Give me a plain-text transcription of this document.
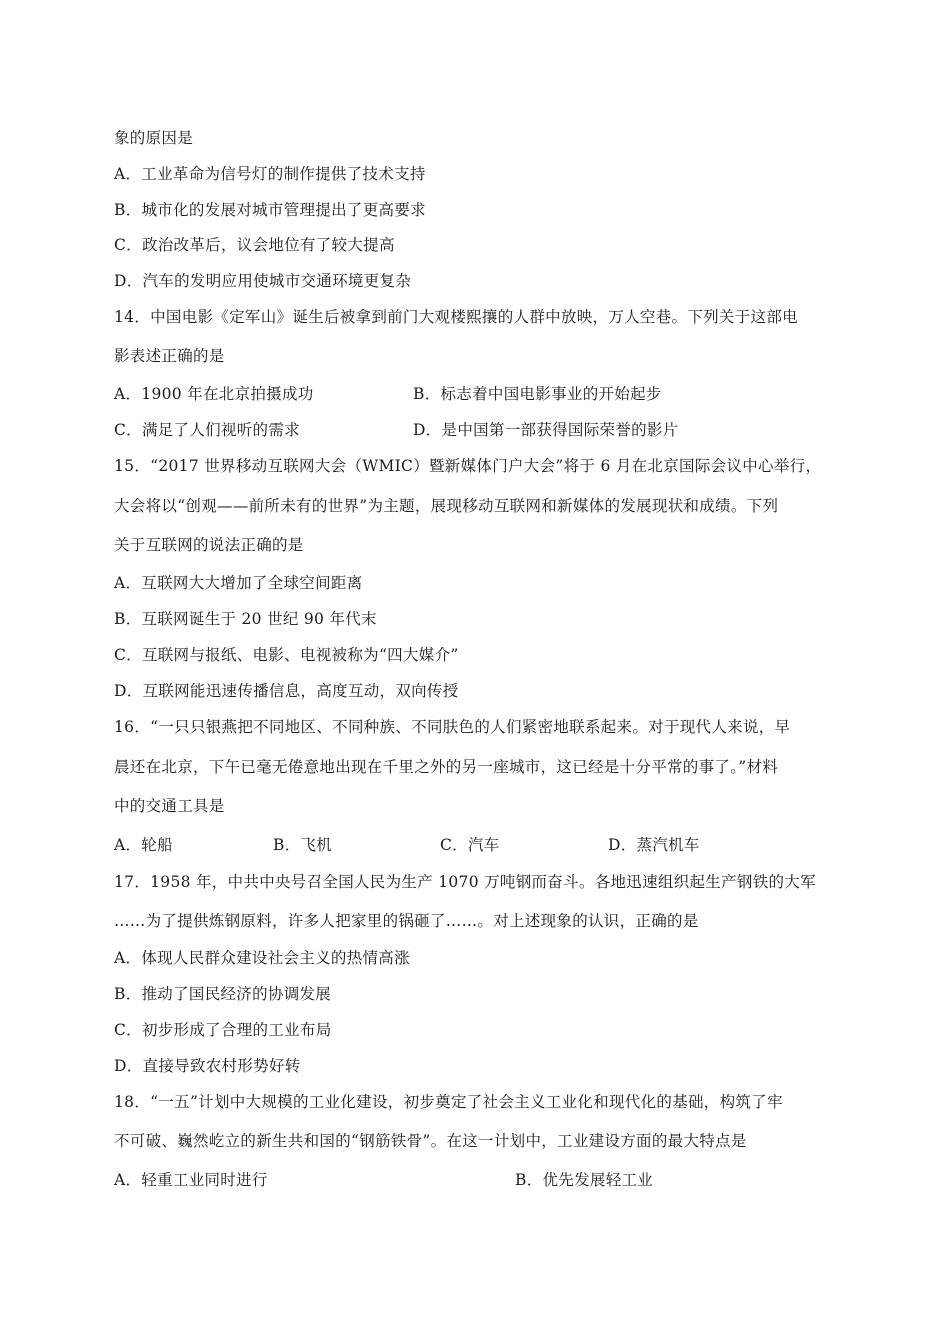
象的原因是
A．工业革命为信号灯的制作提供了技术支持
B．城市化的发展对城市管理提出了更高要求
C．政治改革后，议会地位有了较大提高
D．汽车的发明应用使城市交通环境更复杂
14．中国电影《定军山》诞生后被拿到前门大观楼熙攘的人群中放映，万人空巷。下列关于这部电
影表述正确的是
A．1900 年在北京拍摄成功	B．标志着中国电影事业的开始起步
C．满足了人们视听的需求	D．是中国第一部获得国际荣誉的影片
15．“2017 世界移动互联网大会（WMIC）暨新媒体门户大会”将于 6 月在北京国际会议中心举行，
大会将以“创观——前所未有的世界”为主题，展现移动互联网和新媒体的发展现状和成绩。下列
关于互联网的说法正确的是
A．互联网大大增加了全球空间距离
B．互联网诞生于 20 世纪 90 年代末
C．互联网与报纸、电影、电视被称为“四大媒介”
D．互联网能迅速传播信息，高度互动，双向传授
16．“一只只银燕把不同地区、不同种族、不同肤色的人们紧密地联系起来。对于现代人来说，早
晨还在北京，下午已毫无倦意地出现在千里之外的另一座城市，这已经是十分平常的事了。”材料
中的交通工具是
A．轮船	B．飞机	C．汽车	D．蒸汽机车
17．1958 年，中共中央号召全国人民为生产 1070 万吨钢而奋斗。各地迅速组织起生产钢铁的大军
……为了提供炼钢原料，许多人把家里的锅砸了……。对上述现象的认识，正确的是
A．体现人民群众建设社会主义的热情高涨
B．推动了国民经济的协调发展
C．初步形成了合理的工业布局
D．直接导致农村形势好转
18．“一五”计划中大规模的工业化建设，初步奠定了社会主义工业化和现代化的基础，构筑了牢
不可破、巍然屹立的新生共和国的“钢筋铁骨”。在这一计划中，工业建设方面的最大特点是
A．轻重工业同时进行	B．优先发展轻工业
